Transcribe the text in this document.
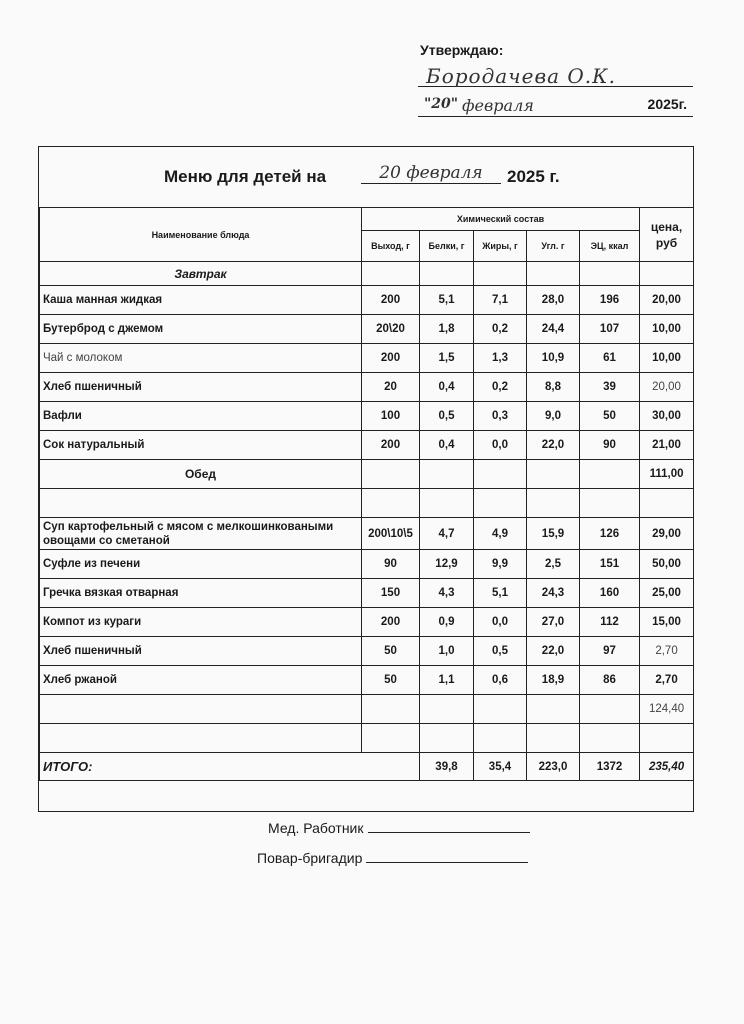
Утверждаю:
Бородачева О.К.
"20" февраля	2025г.
Меню для детей на	20 февраля	2025 г.
Наименование блюда	Химический состав					цена, руб
	Выход, г	Белки, г	Жиры, г	Угл. г	ЭЦ, ккал	
Завтрак						
Каша манная жидкая	200	5,1	7,1	28,0	196	20,00
Бутерброд с джемом	20\20	1,8	0,2	24,4	107	10,00
Чай с молоком	200	1,5	1,3	10,9	61	10,00
Хлеб пшеничный	20	0,4	0,2	8,8	39	20,00
Вафли	100	0,5	0,3	9,0	50	30,00
Сок натуральный	200	0,4	0,0	22,0	90	21,00
Обед						111,00

Суп картофельный с мясом с мелкошинковаными овощами со сметаной	200\10\5	4,7	4,9	15,9	126	29,00
Суфле из печени	90	12,9	9,9	2,5	151	50,00
Гречка вязкая отварная	150	4,3	5,1	24,3	160	25,00
Компот из кураги	200	0,9	0,0	27,0	112	15,00
Хлеб пшеничный	50	1,0	0,5	22,0	97	2,70
Хлеб ржаной	50	1,1	0,6	18,9	86	2,70
						124,40

ИТОГО:		39,8	35,4	223,0	1372	235,40
Мед. Работник
Повар-бригадир
